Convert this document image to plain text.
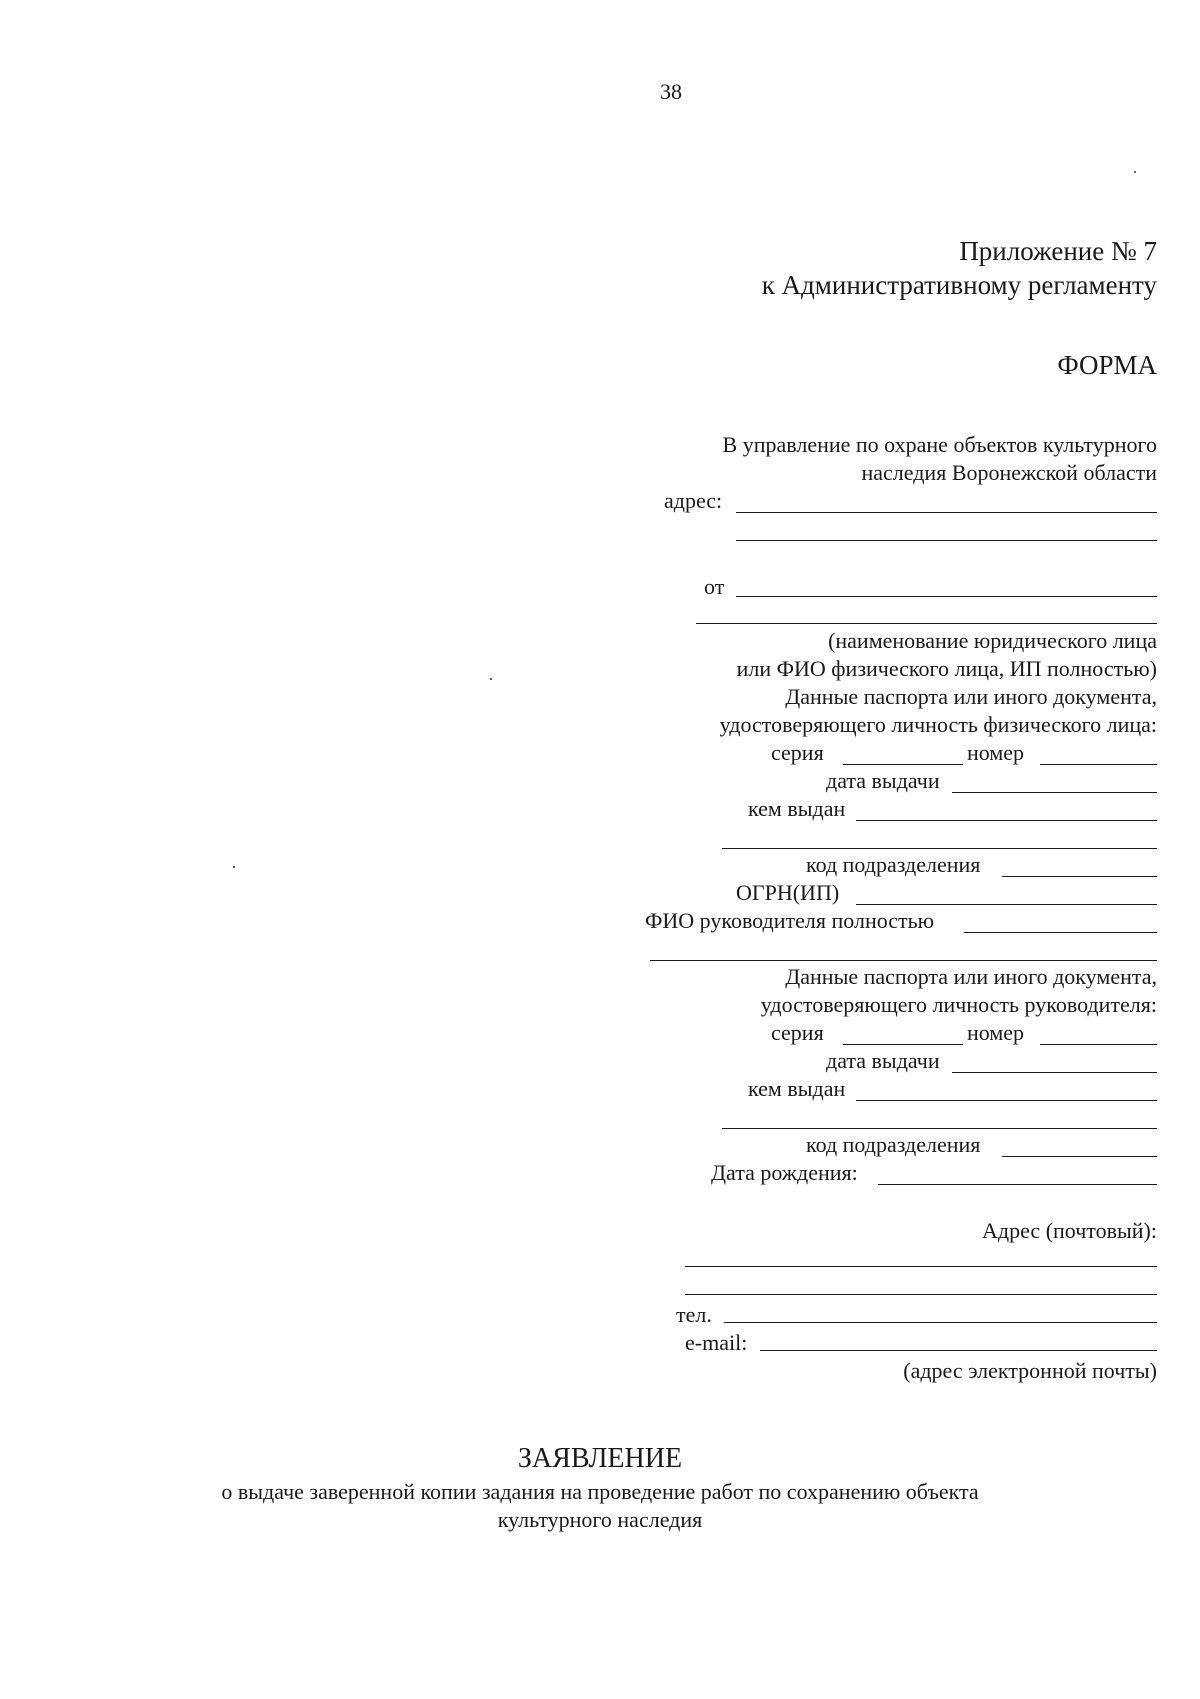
38
Приложение № 7
к Административному регламенту
ФОРМА
В управление по охране объектов культурного
наследия Воронежской области
адрес:
от
(наименование юридического лица
или ФИО физического лица, ИП полностью)
Данные паспорта или иного документа,
удостоверяющего личность физического лица:
серия	номер
дата выдачи
кем выдан
код подразделения
ОГРН(ИП)
ФИО руководителя полностью
Данные паспорта или иного документа,
удостоверяющего личность руководителя:
серия	номер
дата выдачи
кем выдан
код подразделения
Дата рождения:
Адрес (почтовый):
тел.
e-mail:
(адрес электронной почты)
ЗАЯВЛЕНИЕ
о выдаче заверенной копии задания на проведение работ по сохранению объекта
культурного наследия
